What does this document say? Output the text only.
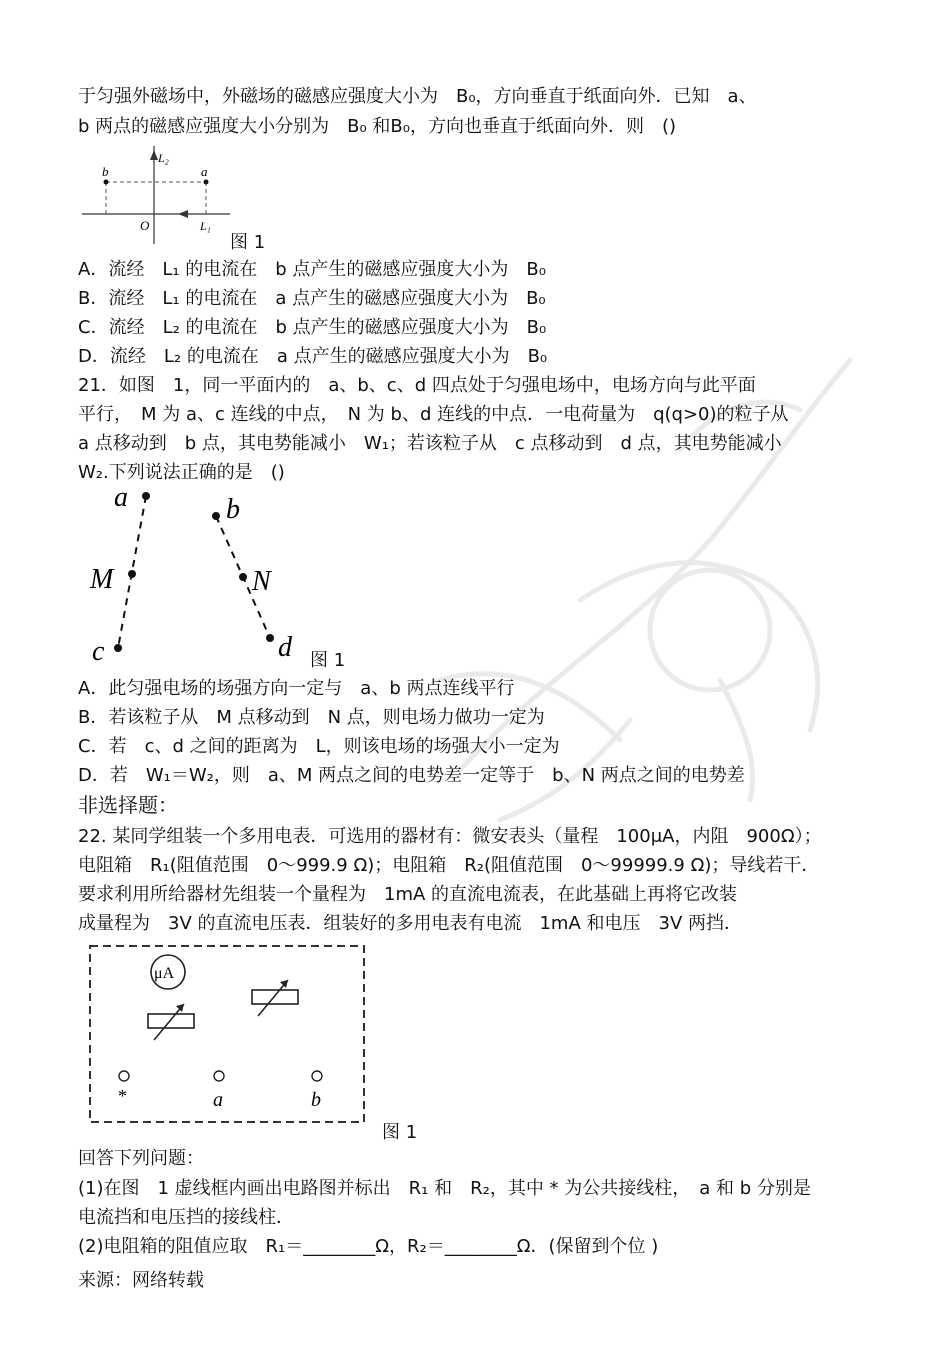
于匀强外磁场中，外磁场的磁感应强度大小为　B₀，方向垂直于纸面向外．已知　a、
b 两点的磁感应强度大小分别为　B₀ 和B₀，方向也垂直于纸面向外．则　()
b	a
O
L₂
L₁
图 1
A．流经　L₁ 的电流在　b 点产生的磁感应强度大小为　B₀
B．流经　L₁ 的电流在　a 点产生的磁感应强度大小为　B₀
C．流经　L₂ 的电流在　b 点产生的磁感应强度大小为　B₀
D．流经　L₂ 的电流在　a 点产生的磁感应强度大小为　B₀
21．如图　1，同一平面内的　a、b、c、d 四点处于匀强电场中，电场方向与此平面
平行，　M 为 a、c 连线的中点，　N 为 b、d 连线的中点．一电荷量为　q(q>0)的粒子从
a 点移动到　b 点，其电势能减小　W₁；若该粒子从　c 点移动到　d 点，其电势能减小
W₂.下列说法正确的是　()
a	b
M	N
c	d 图 1
A．此匀强电场的场强方向一定与　a、b 两点连线平行
B．若该粒子从　M 点移动到　N 点，则电场力做功一定为
C．若　c、d 之间的距离为　L，则该电场的场强大小一定为
D．若　W₁＝W₂，则　a、M 两点之间的电势差一定等于　b、N 两点之间的电势差
非选择题：
22. 某同学组装一个多用电表．可选用的器材有：微安表头（量程　100μA，内阻　900Ω）；
电阻箱　R₁(阻值范围　0～999.9 Ω)；电阻箱　R₂(阻值范围　0～99999.9 Ω)；导线若干．
要求利用所给器材先组装一个量程为　1mA 的直流电流表，在此基础上再将它改装
成量程为　3V 的直流电压表．组装好的多用电表有电流　1mA 和电压　3V 两挡．
μA
*	a	b
图 1
回答下列问题：
(1)在图　1 虚线框内画出电路图并标出　R₁ 和　R₂，其中 * 为公共接线柱，　a 和 b 分别是
电流挡和电压挡的接线柱．
(2)电阻箱的阻值应取　R₁＝________Ω，R₂＝________Ω．(保留到个位 )
来源：网络转载
